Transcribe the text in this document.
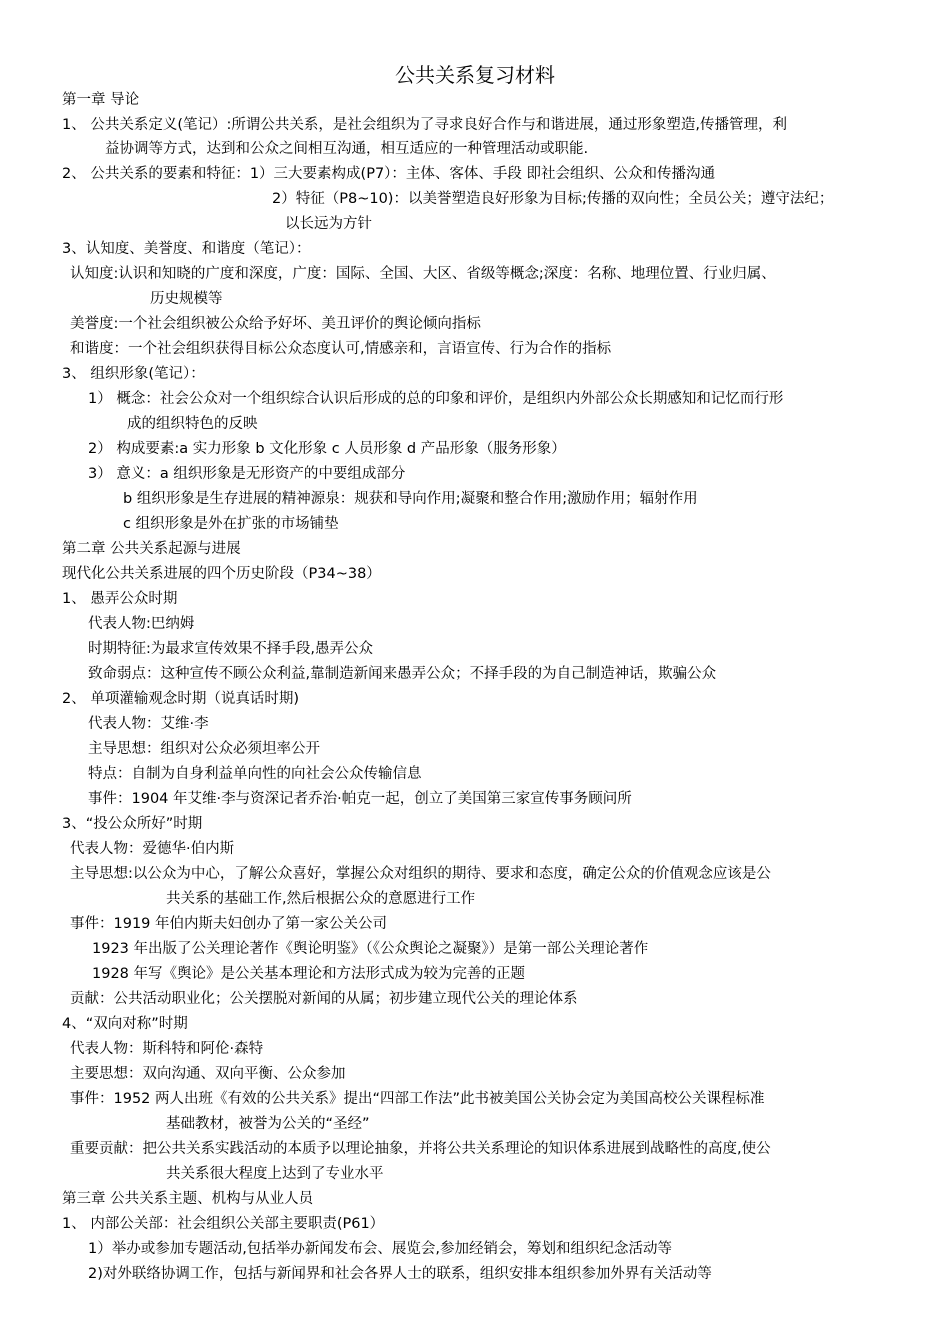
公共关系复习材料
第一章 导论
1、 公共关系定义(笔记）:所谓公共关系，是社会组织为了寻求良好合作与和谐进展，通过形象塑造,传播管理，利
益协调等方式，达到和公众之间相互沟通，相互适应的一种管理活动或职能.
2、 公共关系的要素和特征：1）三大要素构成(P7）：主体、客体、手段 即社会组织、公众和传播沟通
2）特征（P8~10)：以美誉塑造良好形象为目标;传播的双向性；全员公关；遵守法纪；
以长远为方针
3、认知度、美誉度、和谐度（笔记）：
认知度:认识和知晓的广度和深度，广度：国际、全国、大区、省级等概念;深度：名称、地理位置、行业归属、
历史规模等
美誉度:一个社会组织被公众给予好坏、美丑评价的舆论倾向指标
和谐度：一个社会组织获得目标公众态度认可,情感亲和，言语宣传、行为合作的指标
3、 组织形象(笔记）：
1） 概念：社会公众对一个组织综合认识后形成的总的印象和评价，是组织内外部公众长期感知和记忆而行形
成的组织特色的反映
2） 构成要素:a 实力形象 b 文化形象 c 人员形象 d 产品形象（服务形象）
3） 意义：a 组织形象是无形资产的中要组成部分
b 组织形象是生存进展的精神源泉：规获和导向作用;凝聚和整合作用;激励作用；辐射作用
c 组织形象是外在扩张的市场铺垫
第二章 公共关系起源与进展
现代化公共关系进展的四个历史阶段（P34~38）
1、 愚弄公众时期
代表人物:巴纳姆
时期特征:为最求宣传效果不择手段,愚弄公众
致命弱点：这种宣传不顾公众利益,靠制造新闻来愚弄公众；不择手段的为自己制造神话，欺骗公众
2、 单项灌输观念时期（说真话时期)
代表人物：艾维·李
主导思想：组织对公众必须坦率公开
特点：自制为自身利益单向性的向社会公众传输信息
事件：1904 年艾维·李与资深记者乔治·帕克一起，创立了美国第三家宣传事务顾问所
3、“投公众所好”时期
代表人物：爱德华·伯内斯
主导思想:以公众为中心，了解公众喜好，掌握公众对组织的期待、要求和态度，确定公众的价值观念应该是公
共关系的基础工作,然后根据公众的意愿进行工作
事件：1919 年伯内斯夫妇创办了第一家公关公司
1923 年出版了公关理论著作《舆论明鉴》（《公众舆论之凝聚》）是第一部公关理论著作
1928 年写《舆论》是公关基本理论和方法形式成为较为完善的正题
贡献：公共活动职业化；公关摆脱对新闻的从属；初步建立现代公关的理论体系
4、“双向对称”时期
代表人物：斯科特和阿伦·森特
主要思想：双向沟通、双向平衡、公众参加
事件：1952 两人出班《有效的公共关系》提出“四部工作法”此书被美国公关协会定为美国高校公关课程标准
基础教材，被誉为公关的“圣经”
重要贡献：把公共关系实践活动的本质予以理论抽象，并将公共关系理论的知识体系进展到战略性的高度,使公
共关系很大程度上达到了专业水平
第三章 公共关系主题、机构与从业人员
1、 内部公关部：社会组织公关部主要职责(P61）
1）举办或参加专题活动,包括举办新闻发布会、展览会,参加经销会，筹划和组织纪念活动等
2)对外联络协调工作，包括与新闻界和社会各界人士的联系，组织安排本组织参加外界有关活动等
